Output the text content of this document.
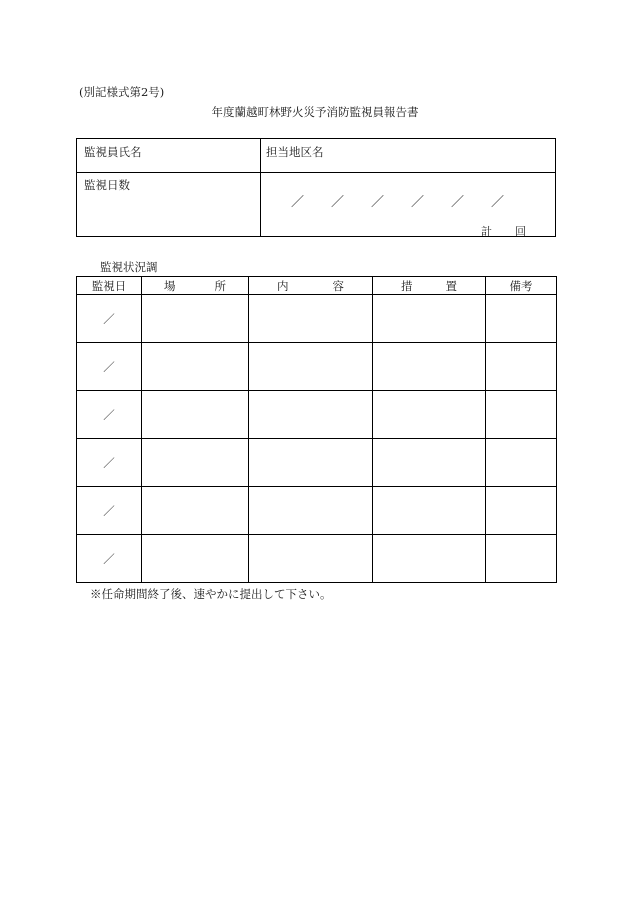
(別記様式第2号)
年度蘭越町林野火災予消防監視員報告書
監視員氏名	担当地区名
監視日数
／ ／ ／ ／ ／ ／
計 回
監視状況調
監視日	場 所	内 容	措 置	備考
／				
／				
／				
／				
／				
／				
※任命期間終了後、速やかに提出して下さい。
